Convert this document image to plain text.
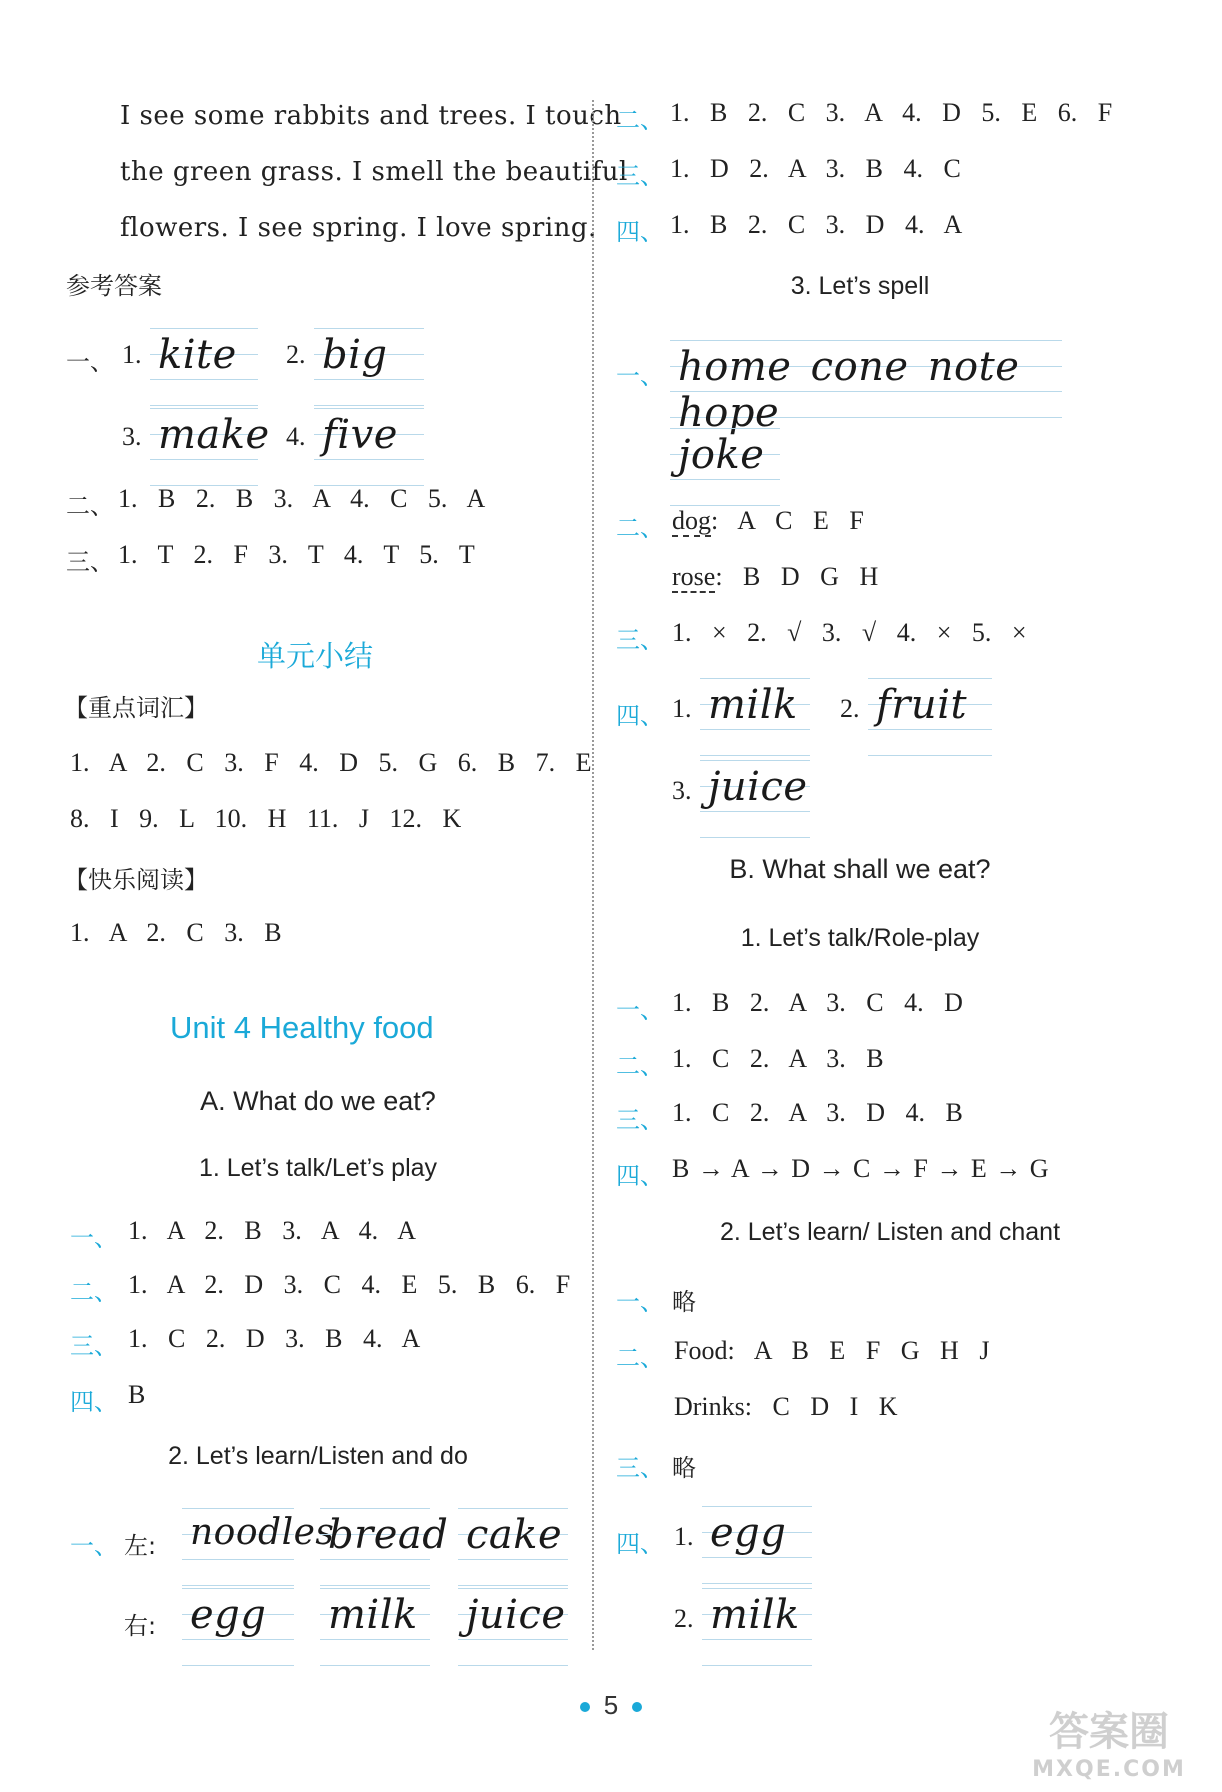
I see some rabbits and trees. I touch
the green grass. I smell the beautiful
flowers. I see spring. I love spring.
参考答案
一、 1. kite 2. big
3. make 4. five
二、 1. B 2. B 3. A 4. C 5. A
三、 1. T 2. F 3. T 4. T 5. T
单元小结
【重点词汇】
1. A 2. C 3. F 4. D 5. G 6. B 7. E
8. I 9. L 10. H 11. J 12. K
【快乐阅读】
1. A 2. C 3. B
Unit 4 Healthy food
A. What do we eat?
1. Let’s talk/Let’s play
一、 1. A 2. B 3. A 4. A
二、 1. A 2. D 3. C 4. E 5. B 6. F
三、 1. C 2. D 3. B 4. A
四、 B
2. Let’s learn/Listen and do
一、 左: noodles
bread cake
右: egg milk juice
二、 1. B 2. C 3. A 4. D 5. E 6. F
三、 1. D 2. A 3. B 4. C
四、 1. B 2. C 3. D 4. A
3. Let’s spell
一、 home cone note hope
joke
二、 dog: A C E F
rose: B D G H
三、 1. × 2. √ 3. √ 4. × 5. ×
四、 1. milk 2. fruit
3. juice
B. What shall we eat?
1. Let’s talk/Role-play
一、 1. B 2. A 3. C 4. D
二、 1. C 2. A 3. B
三、 1. C 2. A 3. D 4. B
四、 B → A → D → C → F → E → G
2. Let’s learn/ Listen and chant
一、 略
二、 Food: A B E F G H J
Drinks: C D I K
三、 略
四、 1. egg
2. milk
5
答案圈
MXQE.COM
